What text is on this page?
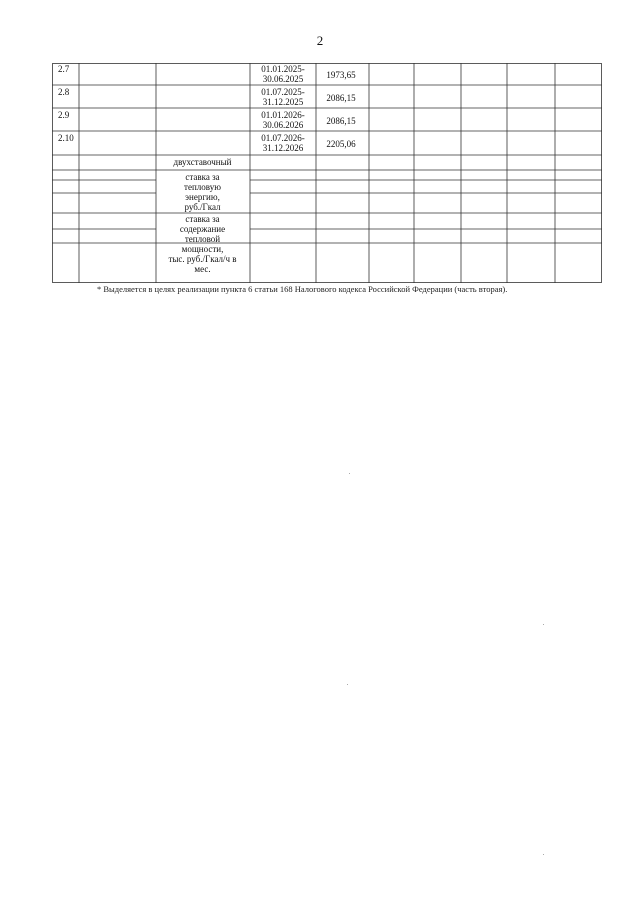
2
2.7
2.8
2.9
2.10
01.01.2025-
30.06.2025
01.07.2025-
31.12.2025
01.01.2026-
30.06.2026
01.07.2026-
31.12.2026
1973,65
2086,15
2086,15
2205,06
двухставочный
ставка за
тепловую
энергию,
руб./Гкал
ставка за
содержание
тепловой
мощности,
тыс. руб./Гкал/ч в
мес.
* Выделяется в целях реализации пункта 6 статьи 168 Налогового кодекса Российской Федерации (часть вторая).
